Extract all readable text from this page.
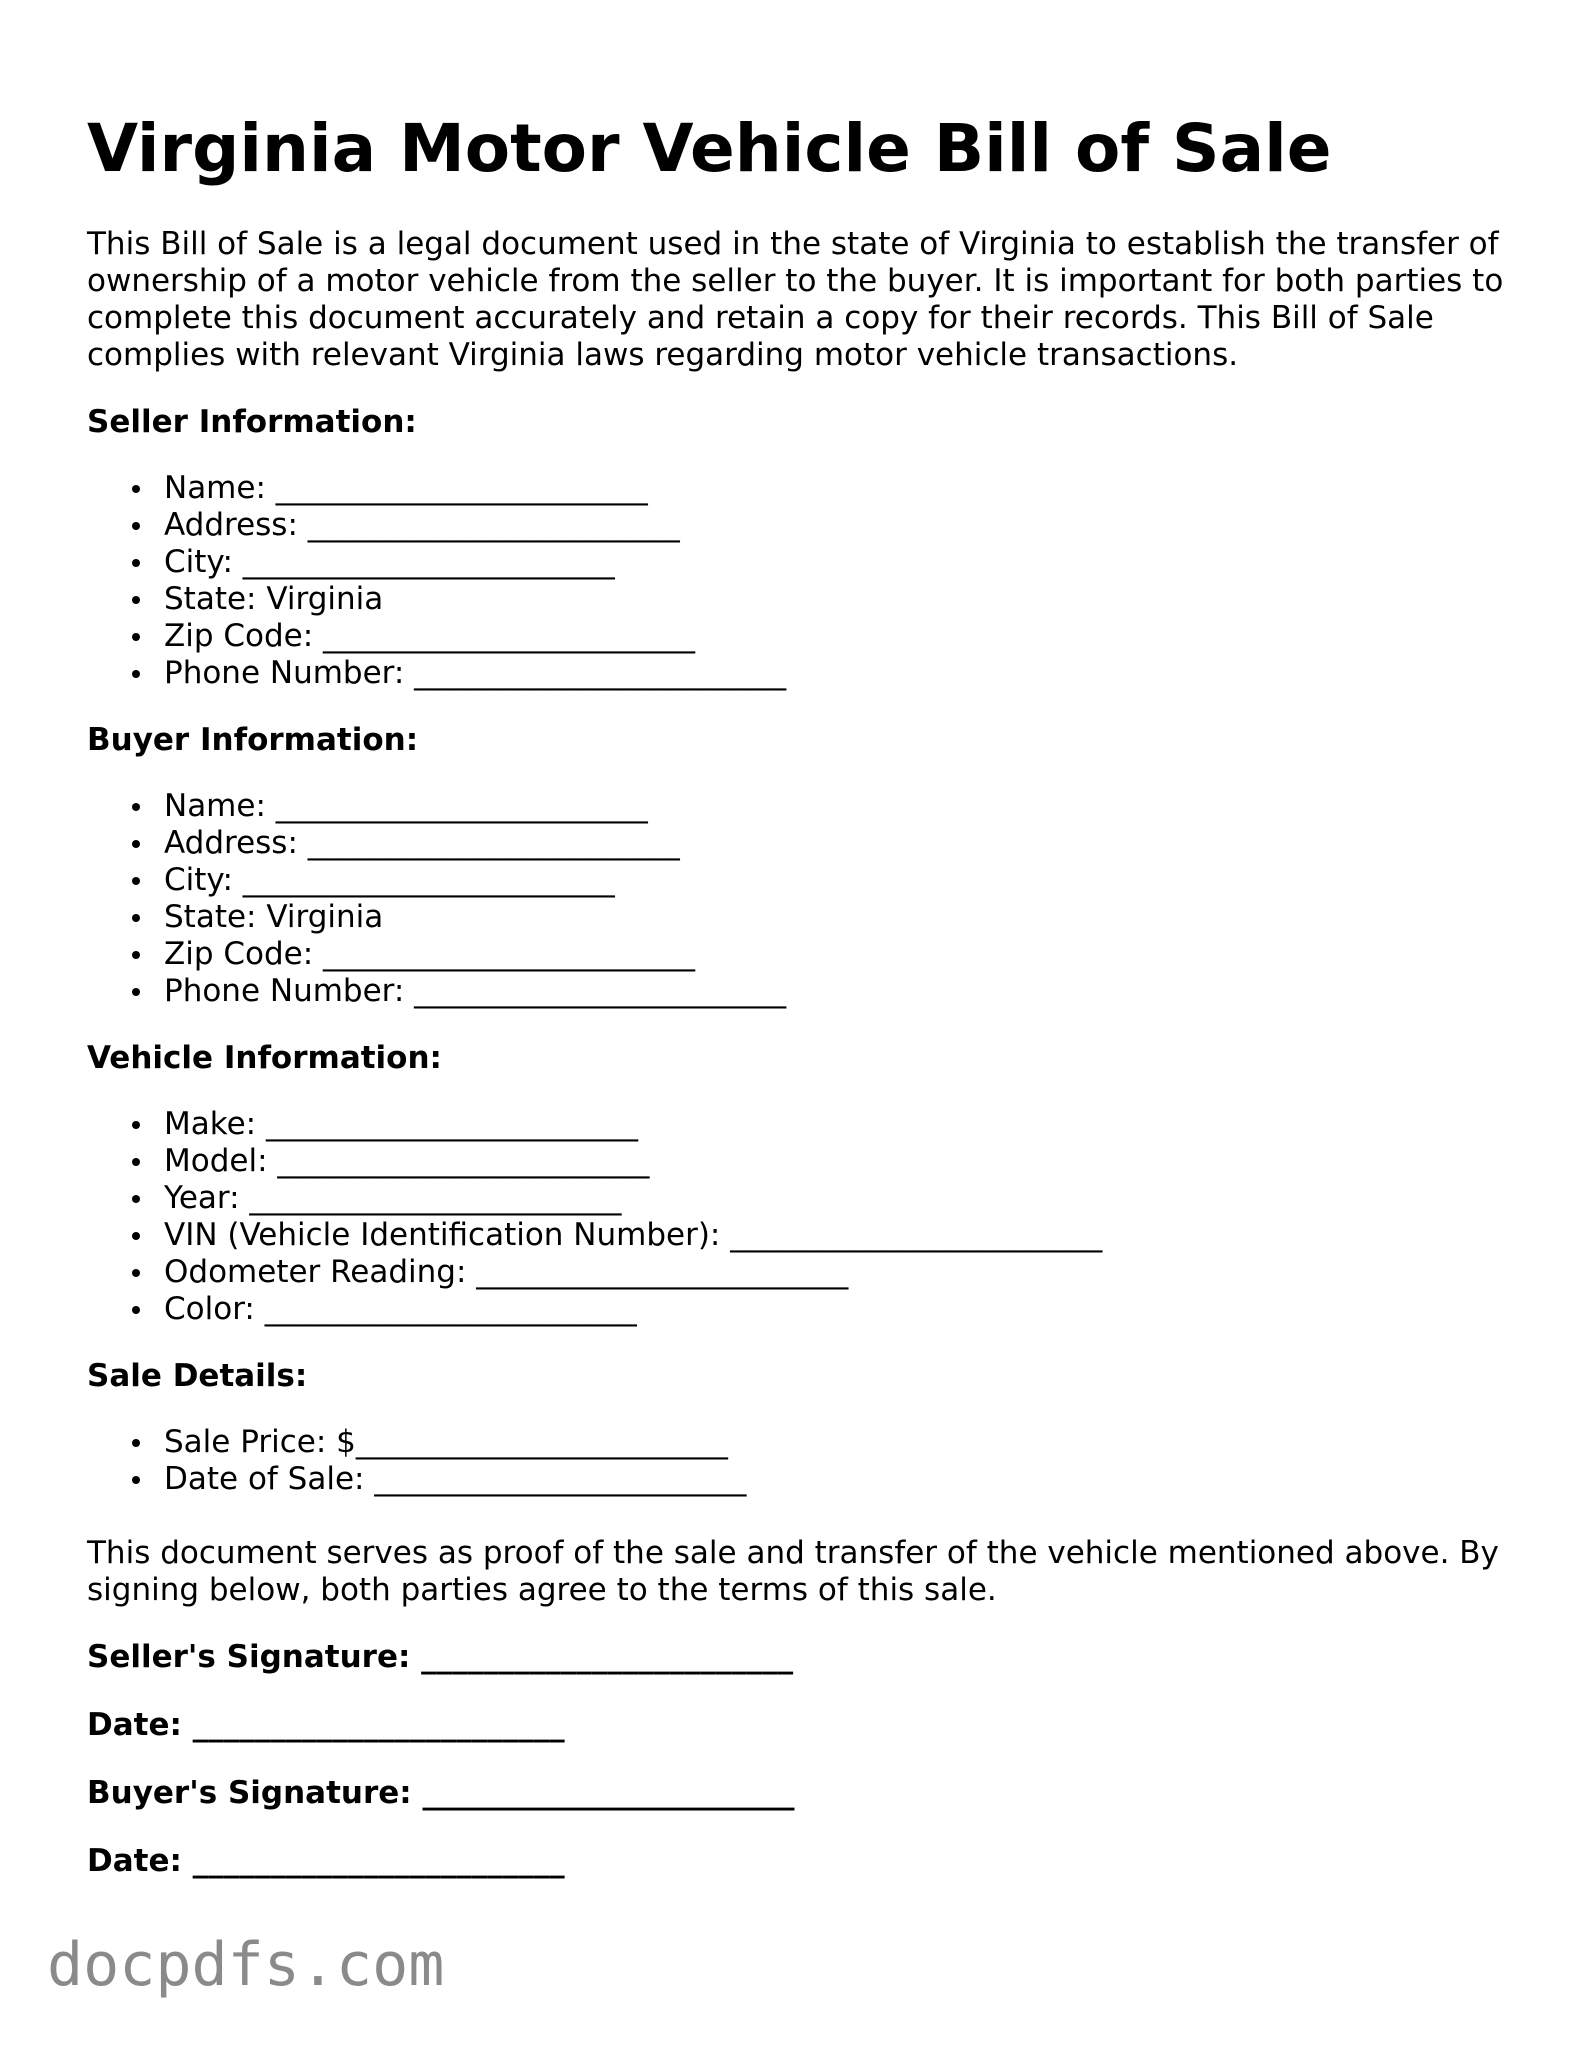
Virginia Motor Vehicle Bill of Sale

This Bill of Sale is a legal document used in the state of Virginia to establish the transfer of ownership of a motor vehicle from the seller to the buyer. It is important for both parties to complete this document accurately and retain a copy for their records. This Bill of Sale complies with relevant Virginia laws regarding motor vehicle transactions.

Seller Information:

Name: ________________________
Address: ________________________
City: ________________________
State: Virginia
Zip Code: ________________________
Phone Number: ________________________

Buyer Information:

Name: ________________________
Address: ________________________
City: ________________________
State: Virginia
Zip Code: ________________________
Phone Number: ________________________

Vehicle Information:

Make: ________________________
Model: ________________________
Year: ________________________
VIN (Vehicle Identification Number): ________________________
Odometer Reading: ________________________
Color: ________________________

Sale Details:

Sale Price: $________________________
Date of Sale: ________________________

This document serves as proof of the sale and transfer of the vehicle mentioned above. By signing below, both parties agree to the terms of this sale.

Seller's Signature: ________________________

Date: ________________________

Buyer's Signature: ________________________

Date: ________________________

docpdfs.com
